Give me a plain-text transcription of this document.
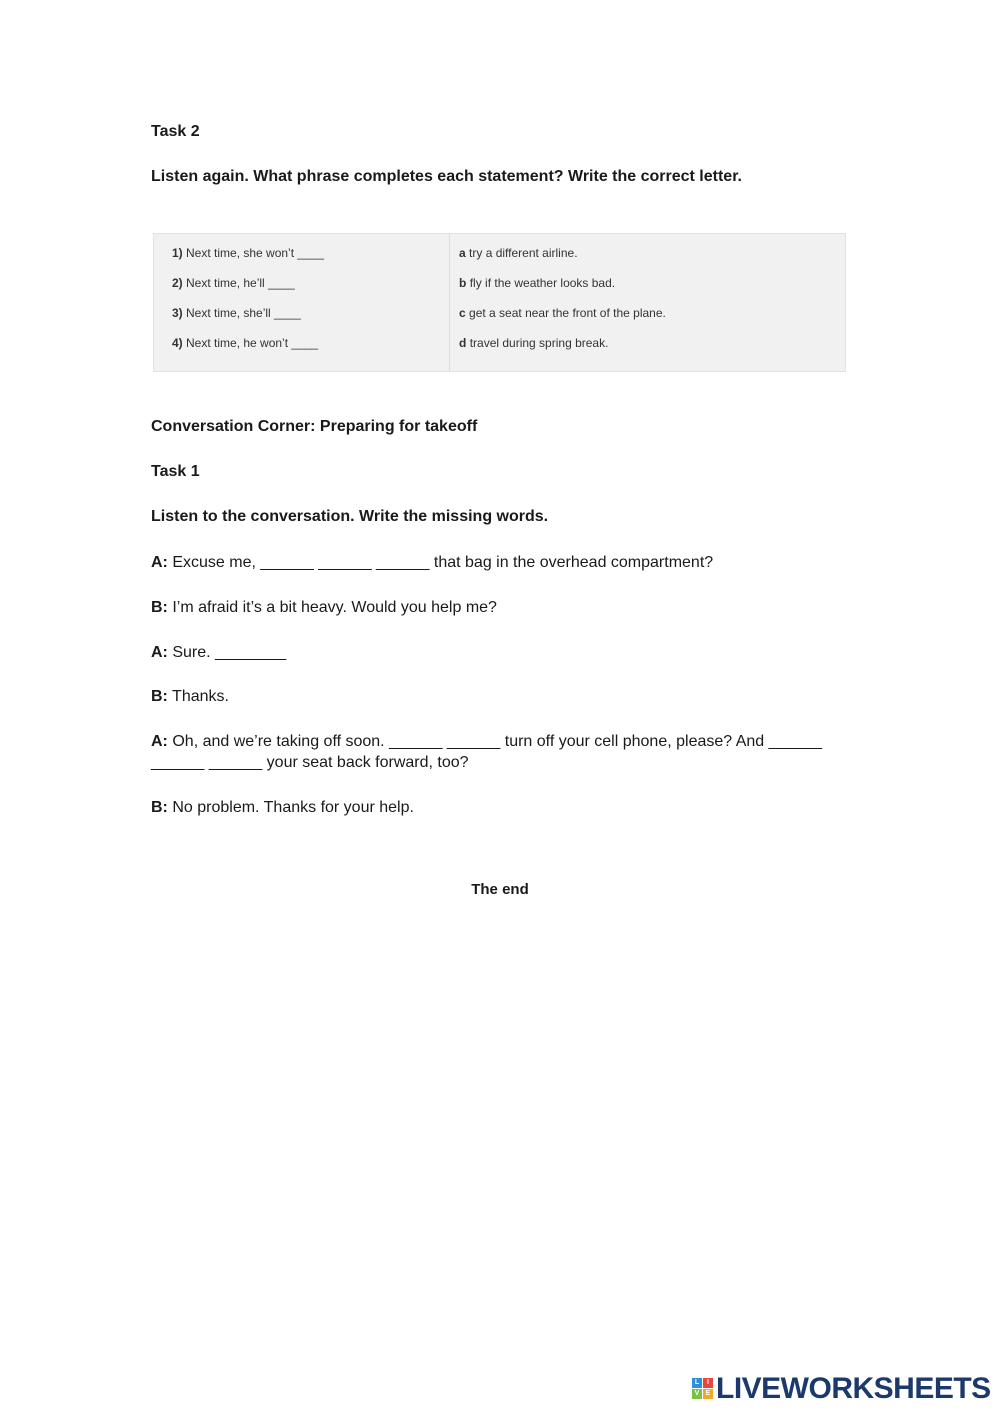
Task 2
Listen again. What phrase completes each statement? Write the correct letter.
1) Next time, she won’t ____
2) Next time, he’ll ____
3) Next time, she’ll ____
4) Next time, he won’t ____
a try a different airline.
b fly if the weather looks bad.
c get a seat near the front of the plane.
d travel during spring break.
Conversation Corner: Preparing for takeoff
Task 1
Listen to the conversation. Write the missing words.
A: Excuse me, ______ ______ ______ that bag in the overhead compartment?
B: I’m afraid it’s a bit heavy. Would you help me?
A: Sure. ________
B: Thanks.
A: Oh, and we’re taking off soon. ______ ______ turn off your cell phone, please? And ______ ______ ______ your seat back forward, too?
B: No problem. Thanks for your help.
The end
L	I
V E LIVEWORKSHEETS
